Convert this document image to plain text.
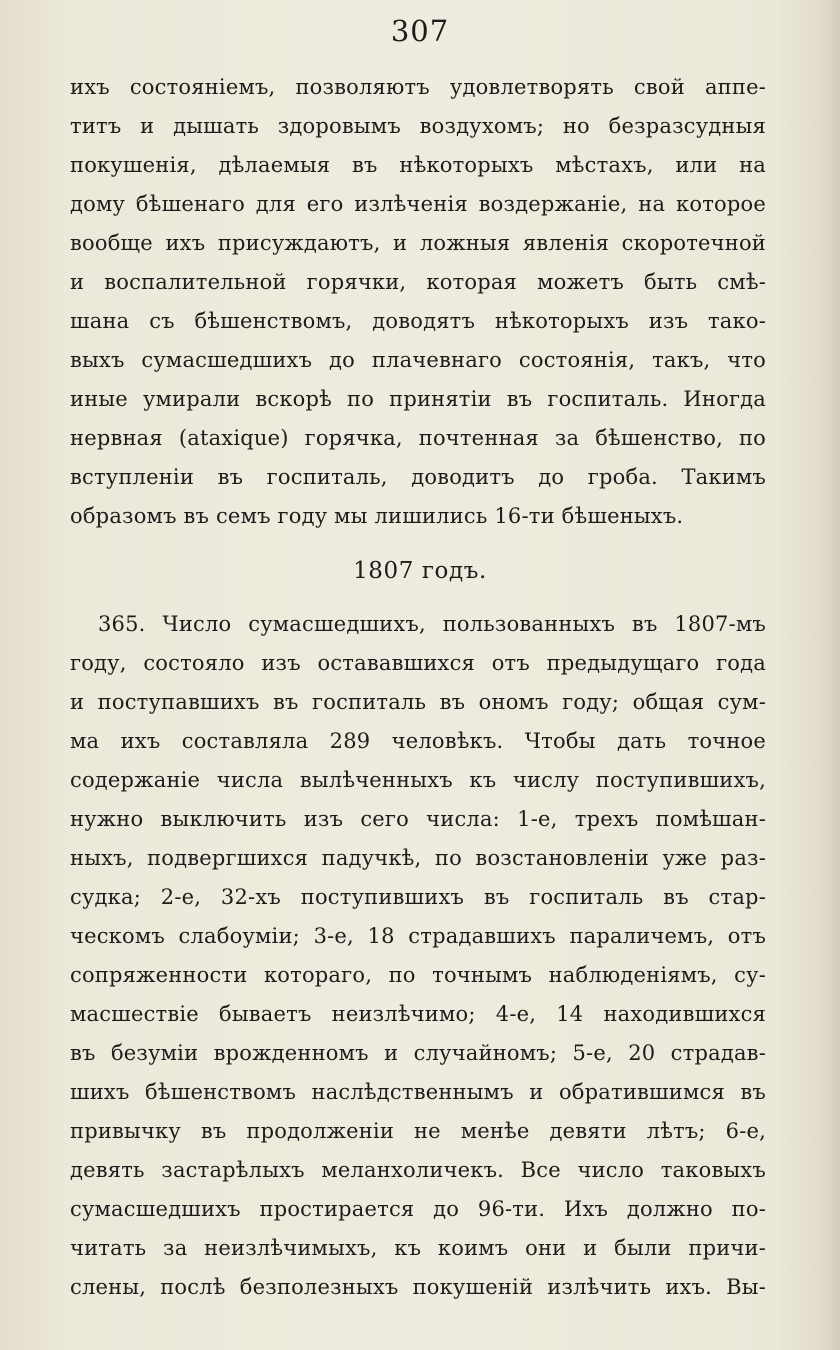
307
ихъ состоянiемъ, позволяютъ удовлетворять свой аппе-
титъ и дышать здоровымъ воздухомъ; но безразсудныя
покушенiя, дѣлаемыя въ нѣкоторыхъ мѣстахъ, или на
дому бѣшенаго для его излѣченiя воздержанiе, на которое
вообще ихъ присуждаютъ, и ложныя явленiя скоротечной
и воспалительной горячки, которая можетъ быть смѣ-
шана съ бѣшенствомъ, доводятъ нѣкоторыхъ изъ тако-
выхъ сумасшедшихъ до плачевнаго состоянiя, такъ, что
иные умирали вскорѣ по принятiи въ госпиталь. Иногда
нервная (ataxique) горячка, почтенная за бѣшенство, по
вступленiи въ госпиталь, доводитъ до гроба. Такимъ
образомъ въ семъ году мы лишились 16-ти бѣшеныхъ.
1807 годъ.
365. Число сумасшедшихъ, пользованныхъ въ 1807-мъ
году, состояло изъ остававшихся отъ предыдущаго года
и поступавшихъ въ госпиталь въ ономъ году; общая сум-
ма ихъ составляла 289 человѣкъ. Чтобы дать точное
содержанiе числа вылѣченныхъ къ числу поступившихъ,
нужно выключить изъ сего числа: 1-е, трехъ помѣшан-
ныхъ, подвергшихся падучкѣ, по возстановленiи уже раз-
судка; 2-е, 32-хъ поступившихъ въ госпиталь въ стар-
ческомъ слабоумiи; 3-е, 18 страдавшихъ параличемъ, отъ
сопряженности котораго, по точнымъ наблюденiямъ, су-
масшествiе бываетъ неизлѣчимо; 4-е, 14 находившихся
въ безумiи врожденномъ и случайномъ; 5-е, 20 страдав-
шихъ бѣшенствомъ наслѣдственнымъ и обратившимся въ
привычку въ продолженiи не менѣе девяти лѣтъ; 6-е,
девять застарѣлыхъ меланхоличекъ. Все число таковыхъ
сумасшедшихъ простирается до 96-ти. Ихъ должно по-
читать за неизлѣчимыхъ, къ коимъ они и были причи-
слены, послѣ безполезныхъ покушенiй излѣчить ихъ. Вы-
